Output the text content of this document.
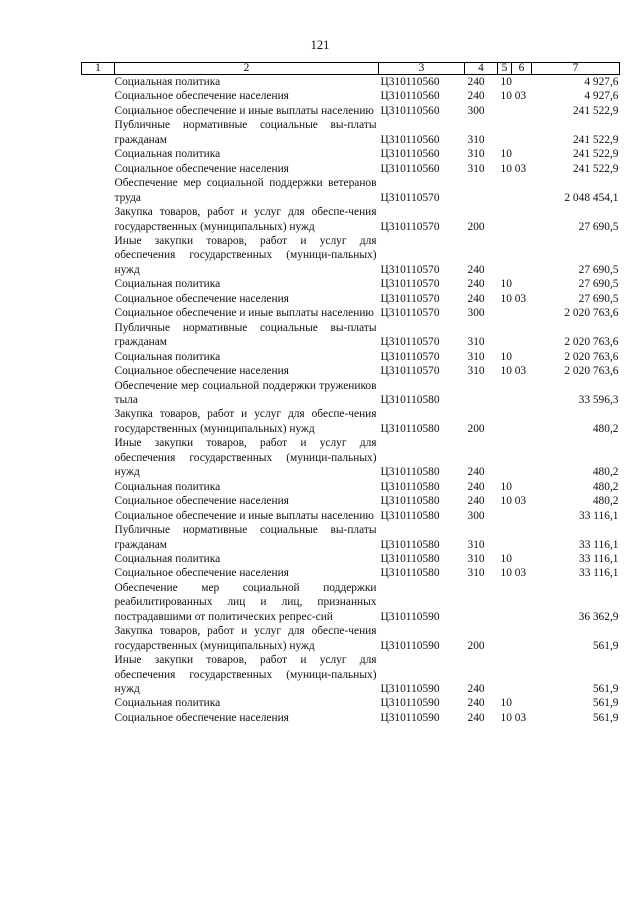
121
1	2	3	4	5	6	7
	Социальная политика	Ц310110560	240	10		4 927,6
	Социальное обеспечение населения	Ц310110560	240	10 03		4 927,6
	Социальное обеспечение и иные выплаты населению	Ц310110560	300			241 522,9
	Публичные нормативные социальные вы-платы гражданам	Ц310110560	310			241 522,9
	Социальная политика	Ц310110560	310	10		241 522,9
	Социальное обеспечение населения	Ц310110560	310	10 03		241 522,9
	Обеспечение мер социальной поддержки ветеранов труда	Ц310110570				2 048 454,1
	Закупка товаров, работ и услуг для обеспе-чения государственных (муниципальных) нужд	Ц310110570	200			27 690,5
	Иные закупки товаров, работ и услуг для обеспечения государственных (муници-пальных) нужд	Ц310110570	240			27 690,5
	Социальная политика	Ц310110570	240	10		27 690,5
	Социальное обеспечение населения	Ц310110570	240	10 03		27 690,5
	Социальное обеспечение и иные выплаты населению	Ц310110570	300			2 020 763,6
	Публичные нормативные социальные вы-платы гражданам	Ц310110570	310			2 020 763,6
	Социальная политика	Ц310110570	310	10		2 020 763,6
	Социальное обеспечение населения	Ц310110570	310	10 03		2 020 763,6
	Обеспечение мер социальной поддержки тружеников тыла	Ц310110580				33 596,3
	Закупка товаров, работ и услуг для обеспе-чения государственных (муниципальных) нужд	Ц310110580	200			480,2
	Иные закупки товаров, работ и услуг для обеспечения государственных (муници-пальных) нужд	Ц310110580	240			480,2
	Социальная политика	Ц310110580	240	10		480,2
	Социальное обеспечение населения	Ц310110580	240	10 03		480,2
	Социальное обеспечение и иные выплаты населению	Ц310110580	300			33 116,1
	Публичные нормативные социальные вы-платы гражданам	Ц310110580	310			33 116,1
	Социальная политика	Ц310110580	310	10		33 116,1
	Социальное обеспечение населения	Ц310110580	310	10 03		33 116,1
	Обеспечение мер социальной поддержки реабилитированных лиц и лиц, признанных пострадавшими от политических репрес-сий	Ц310110590				36 362,9
	Закупка товаров, работ и услуг для обеспе-чения государственных (муниципальных) нужд	Ц310110590	200			561,9
	Иные закупки товаров, работ и услуг для обеспечения государственных (муници-пальных) нужд	Ц310110590	240			561,9
	Социальная политика	Ц310110590	240	10		561,9
	Социальное обеспечение населения	Ц310110590	240	10 03		561,9
